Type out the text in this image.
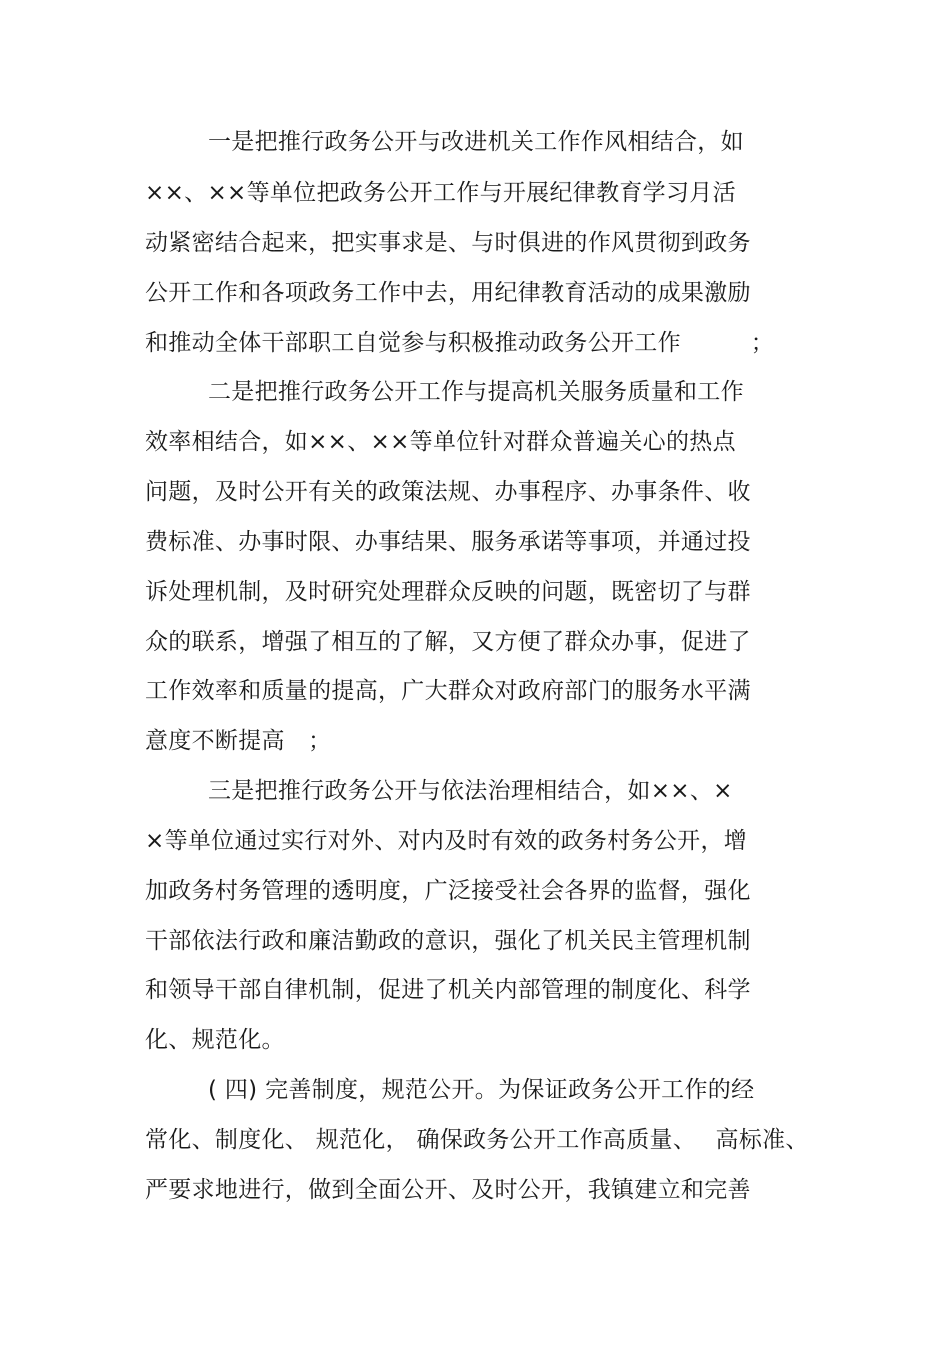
一是把推行政务公开与改进机关工作作风相结合，如

××、××等单位把政务公开工作与开展纪律教育学习月活

动紧密结合起来，把实事求是、与时俱进的作风贯彻到政务

公开工作和各项政务工作中去，用纪律教育活动的成果激励

和推动全体干部职工自觉参与积极推动政务公开工作　　　；

二是把推行政务公开工作与提高机关服务质量和工作

效率相结合，如××、××等单位针对群众普遍关心的热点

问题，及时公开有关的政策法规、办事程序、办事条件、收

费标准、办事时限、办事结果、服务承诺等事项，并通过投

诉处理机制，及时研究处理群众反映的问题，既密切了与群

众的联系，增强了相互的了解，又方便了群众办事，促进了

工作效率和质量的提高，广大群众对政府部门的服务水平满

意度不断提高　；

三是把推行政务公开与依法治理相结合，如××、×

×等单位通过实行对外、对内及时有效的政务村务公开，增

加政务村务管理的透明度，广泛接受社会各界的监督，强化

干部依法行政和廉洁勤政的意识，强化了机关民主管理机制

和领导干部自律机制，促进了机关内部管理的制度化、科学

化、规范化。

( 四) 完善制度，规范公开。为保证政务公开工作的经

常化、制度化、 规范化， 确保政务公开工作高质量、　 高标准、

严要求地进行，做到全面公开、及时公开，我镇建立和完善
